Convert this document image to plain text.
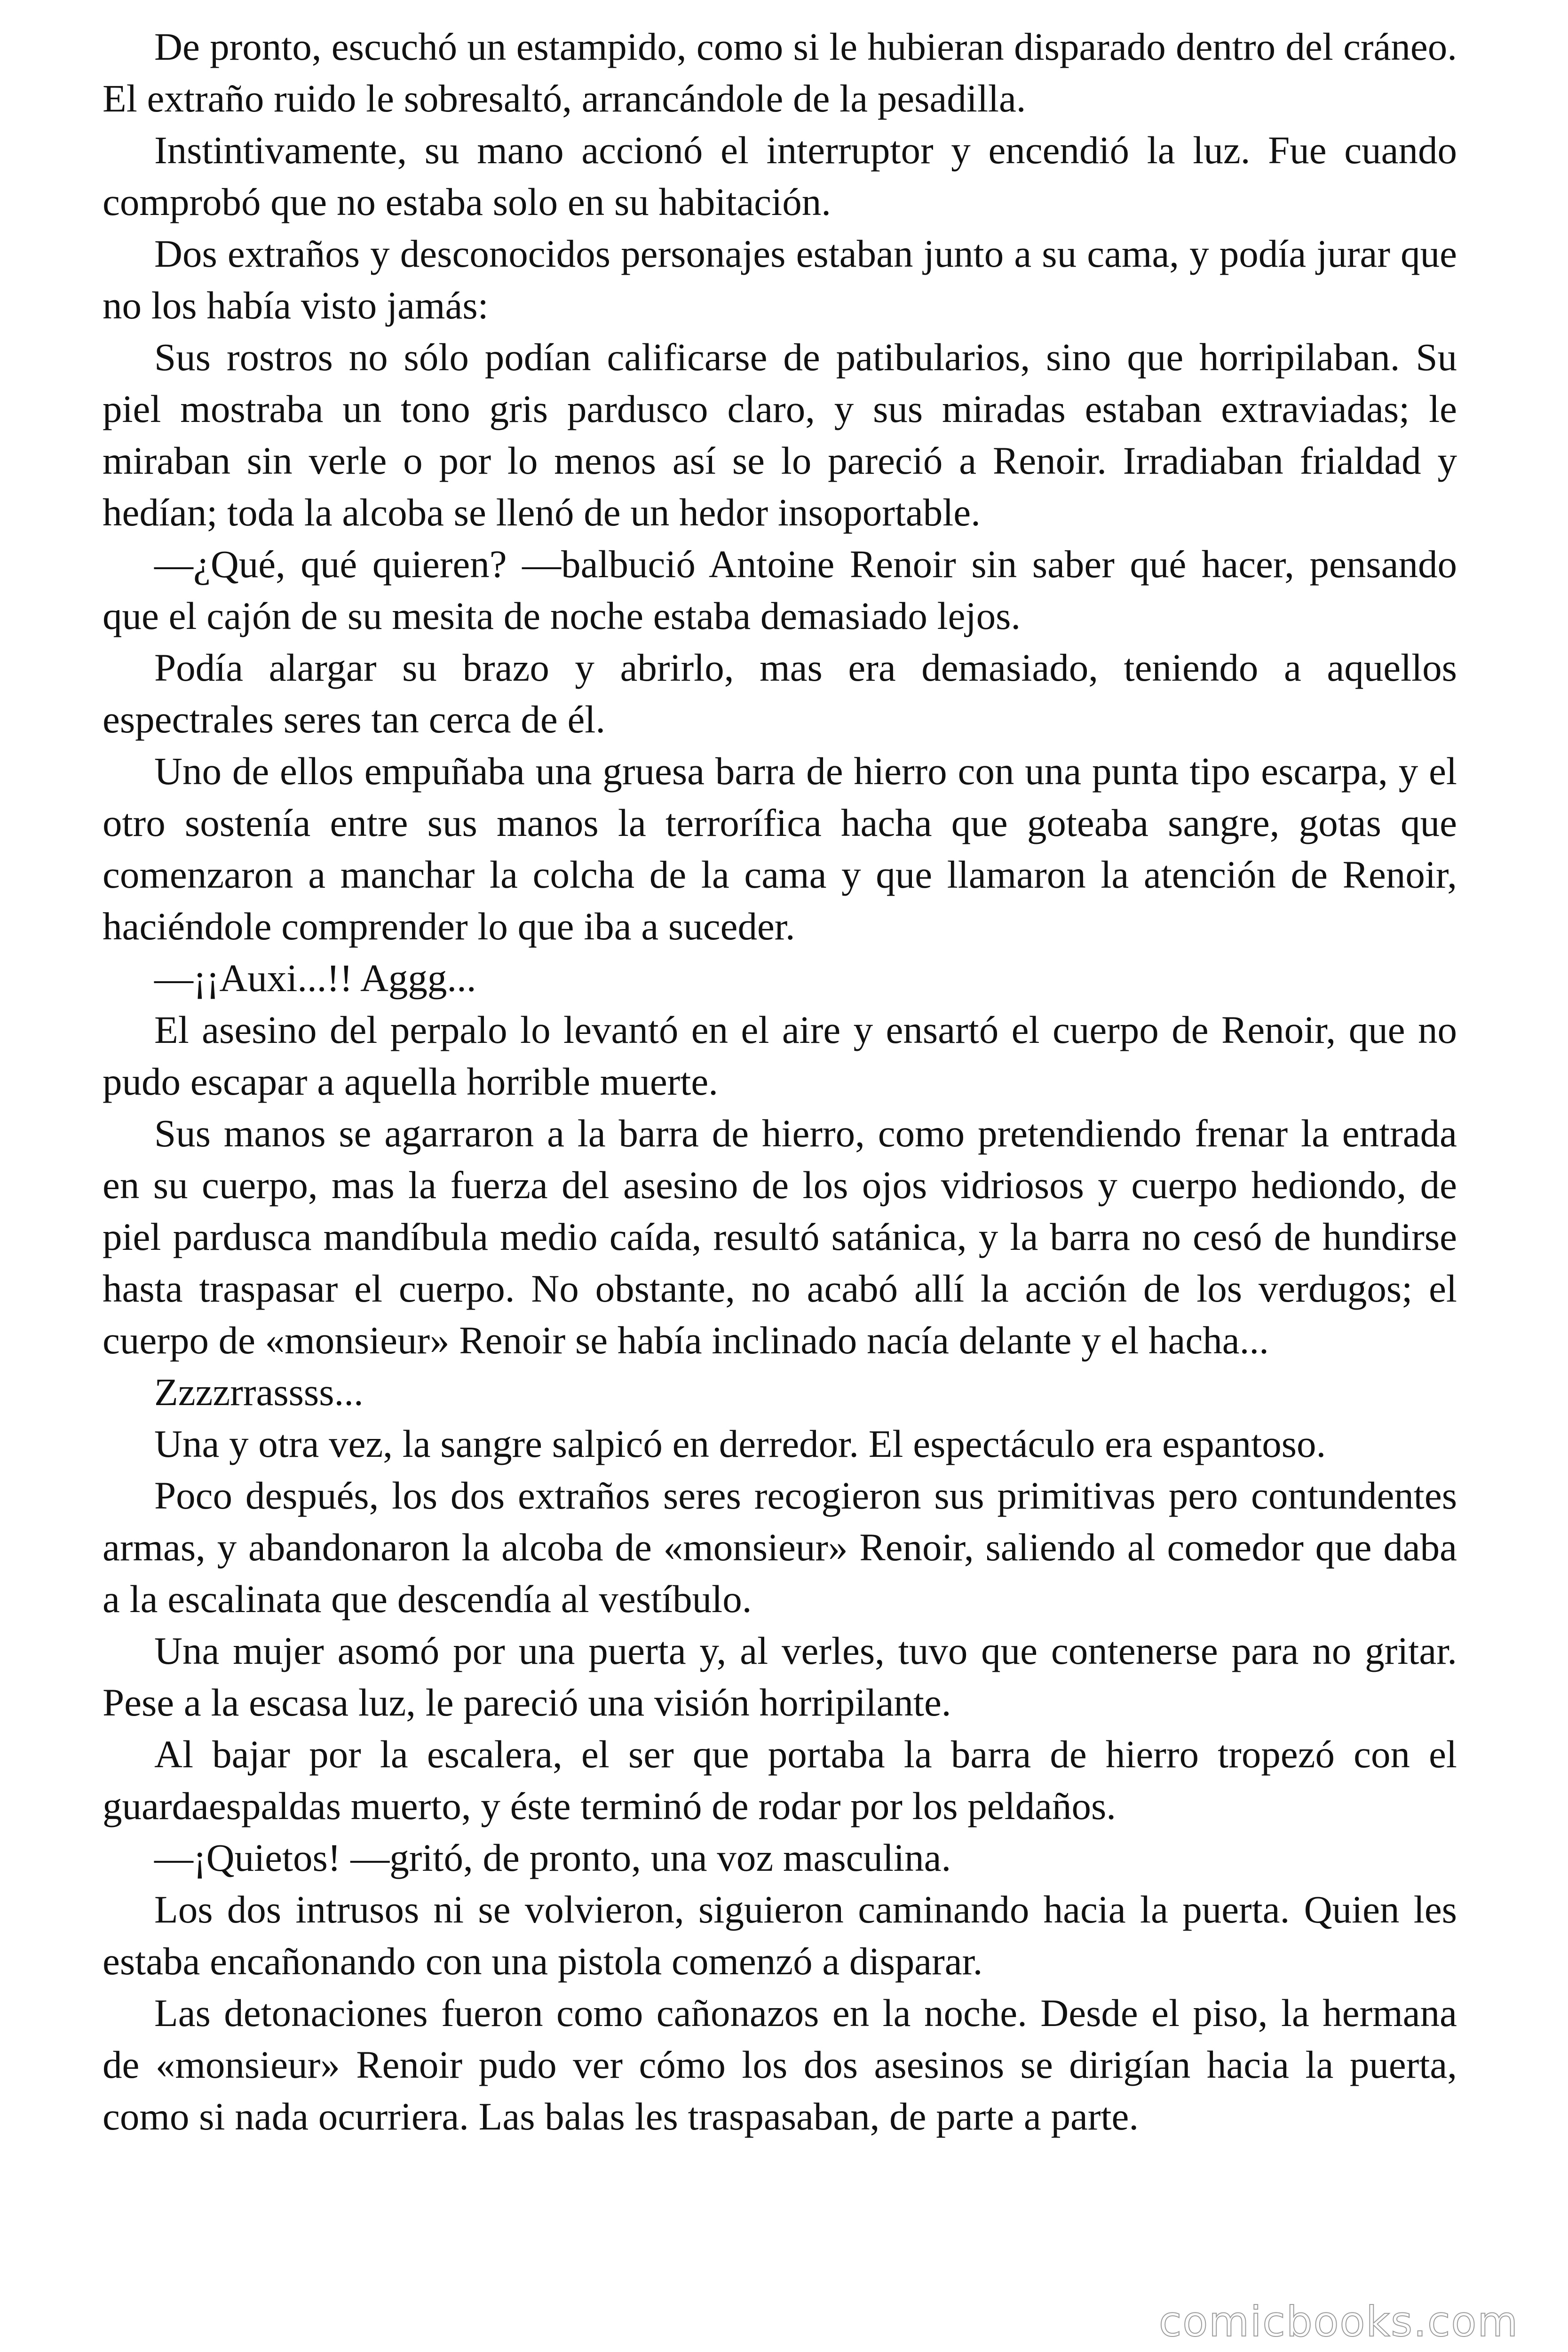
De pronto, escuchó un estampido, como si le hubieran disparado dentro del cráneo. El extraño ruido le sobresaltó, arrancándole de la pesadilla.

Instintivamente, su mano accionó el interruptor y encendió la luz. Fue cuando comprobó que no estaba solo en su habitación.

Dos extraños y desconocidos personajes estaban junto a su cama, y podía jurar que no los había visto jamás:

Sus rostros no sólo podían calificarse de patibularios, sino que horripilaban. Su piel mostraba un tono gris pardusco claro, y sus miradas estaban extraviadas; le miraban sin verle o por lo menos así se lo pareció a Renoir. Irradiaban frialdad y hedían; toda la alcoba se llenó de un hedor insoportable.

—¿Qué, qué quieren? —balbució Antoine Renoir sin saber qué hacer, pensando que el cajón de su mesita de noche estaba demasiado lejos.

Podía alargar su brazo y abrirlo, mas era demasiado, teniendo a aquellos espectrales seres tan cerca de él.

Uno de ellos empuñaba una gruesa barra de hierro con una punta tipo escarpa, y el otro sostenía entre sus manos la terrorífica hacha que goteaba sangre, gotas que comenzaron a manchar la colcha de la cama y que llamaron la atención de Renoir, haciéndole comprender lo que iba a suceder.

—¡¡Auxi...!! Aggg...

El asesino del perpalo lo levantó en el aire y ensartó el cuerpo de Renoir, que no pudo escapar a aquella horrible muerte.

Sus manos se agarraron a la barra de hierro, como pretendiendo frenar la entrada en su cuerpo, mas la fuerza del asesino de los ojos vidriosos y cuerpo hediondo, de piel pardusca mandíbula medio caída, resultó satánica, y la barra no cesó de hundirse hasta traspasar el cuerpo. No obstante, no acabó allí la acción de los verdugos; el cuerpo de «monsieur» Renoir se había inclinado nacía delante y el hacha...

Zzzzrrassss...

Una y otra vez, la sangre salpicó en derredor. El espectáculo era espantoso.

Poco después, los dos extraños seres recogieron sus primitivas pero contundentes armas, y abandonaron la alcoba de «monsieur» Renoir, saliendo al comedor que daba a la escalinata que descendía al vestíbulo.

Una mujer asomó por una puerta y, al verles, tuvo que contenerse para no gritar. Pese a la escasa luz, le pareció una visión horripilante.

Al bajar por la escalera, el ser que portaba la barra de hierro tropezó con el guardaespaldas muerto, y éste terminó de rodar por los peldaños.

—¡Quietos! —gritó, de pronto, una voz masculina.

Los dos intrusos ni se volvieron, siguieron caminando hacia la puerta. Quien les estaba encañonando con una pistola comenzó a disparar.

Las detonaciones fueron como cañonazos en la noche. Desde el piso, la hermana de «monsieur» Renoir pudo ver cómo los dos asesinos se dirigían hacia la puerta, como si nada ocurriera. Las balas les traspasaban, de parte a parte.

comicbooks.com
